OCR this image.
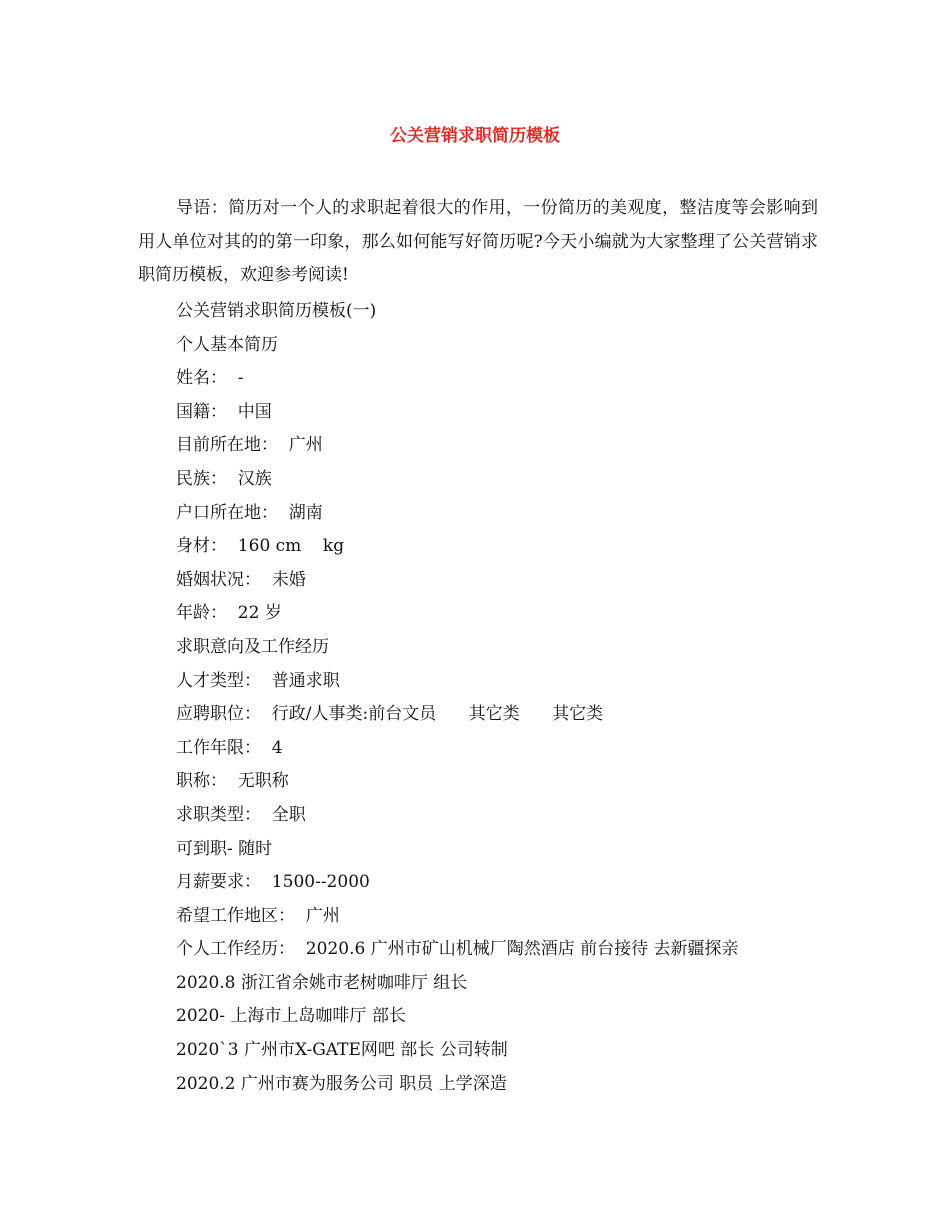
公关营销求职简历模板

导语：简历对一个人的求职起着很大的作用，一份简历的美观度，整洁度等会影响到用人单位对其的的第一印象，那么如何能写好简历呢?今天小编就为大家整理了公关营销求职简历模板，欢迎参考阅读!

公关营销求职简历模板(一)
个人基本简历
姓名：  -
国籍：  中国
目前所在地：  广州
民族：  汉族
户口所在地：  湖南
身材：  160 cm    kg
婚姻状况：  未婚
年龄：  22 岁
求职意向及工作经历
人才类型：  普通求职
应聘职位：  行政/人事类:前台文员      其它类      其它类
工作年限：  4
职称：  无职称
求职类型：  全职
可到职- 随时
月薪要求：  1500--2000
希望工作地区：  广州
个人工作经历：  2020.6 广州市矿山机械厂陶然酒店 前台接待 去新疆探亲
2020.8 浙江省余姚市老树咖啡厅 组长
2020- 上海市上岛咖啡厅 部长
2020`3 广州市X-GATE网吧 部长 公司转制
2020.2 广州市赛为服务公司 职员 上学深造
